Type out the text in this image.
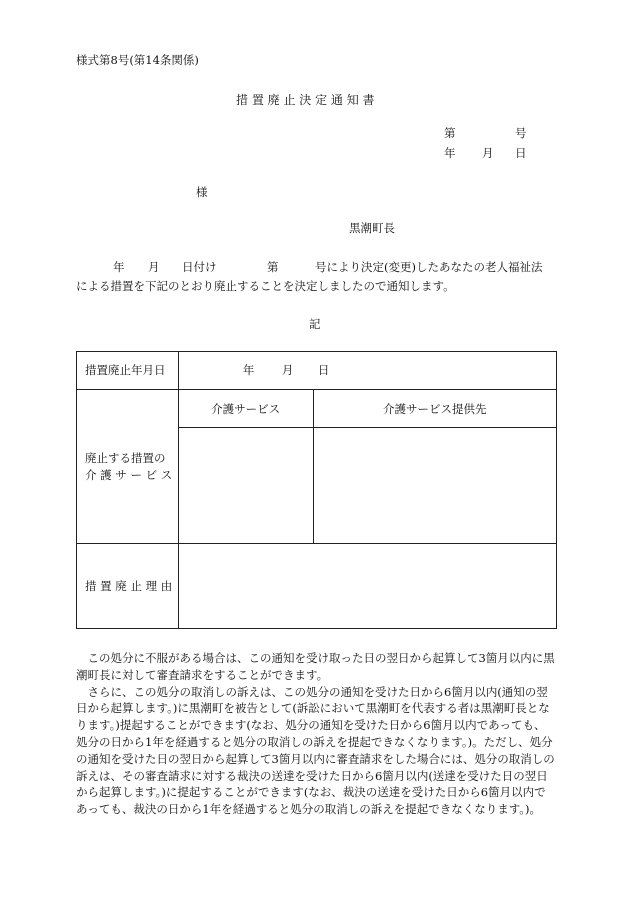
様式第8号(第14条関係)
措 置 廃 止 決 定 通 知 書
第	号
年 月 日
様
黒潮町長
年 月 日付け	第	号により決定(変更)したあなたの老人福祉法
による措置を下記のとおり廃止することを決定しましたので通知します。
記
措置廃止年月日	年 月 日	

廃止する措置の
介 護 サ ー ビ ス	介護サービス	介護サービス提供先

措 置 廃 止 理 由		

この処分に不服がある場合は、この通知を受け取った日の翌日から起算して3箇月以内に黒潮町長に対して審査請求をすることができます。

さらに、この処分の取消しの訴えは、この処分の通知を受けた日から6箇月以内(通知の翌日から起算します。)に黒潮町を被告として(訴訟において黒潮町を代表する者は黒潮町長となります。)提起することができます(なお、処分の通知を受けた日から6箇月以内であっても、処分の日から1年を経過すると処分の取消しの訴えを提起できなくなります。)。ただし、処分の通知を受けた日の翌日から起算して3箇月以内に審査請求をした場合には、処分の取消しの訴えは、その審査請求に対する裁決の送達を受けた日から6箇月以内(送達を受けた日の翌日から起算します。)に提起することができます(なお、裁決の送達を受けた日から6箇月以内であっても、裁決の日から1年を経過すると処分の取消しの訴えを提起できなくなります。)。
